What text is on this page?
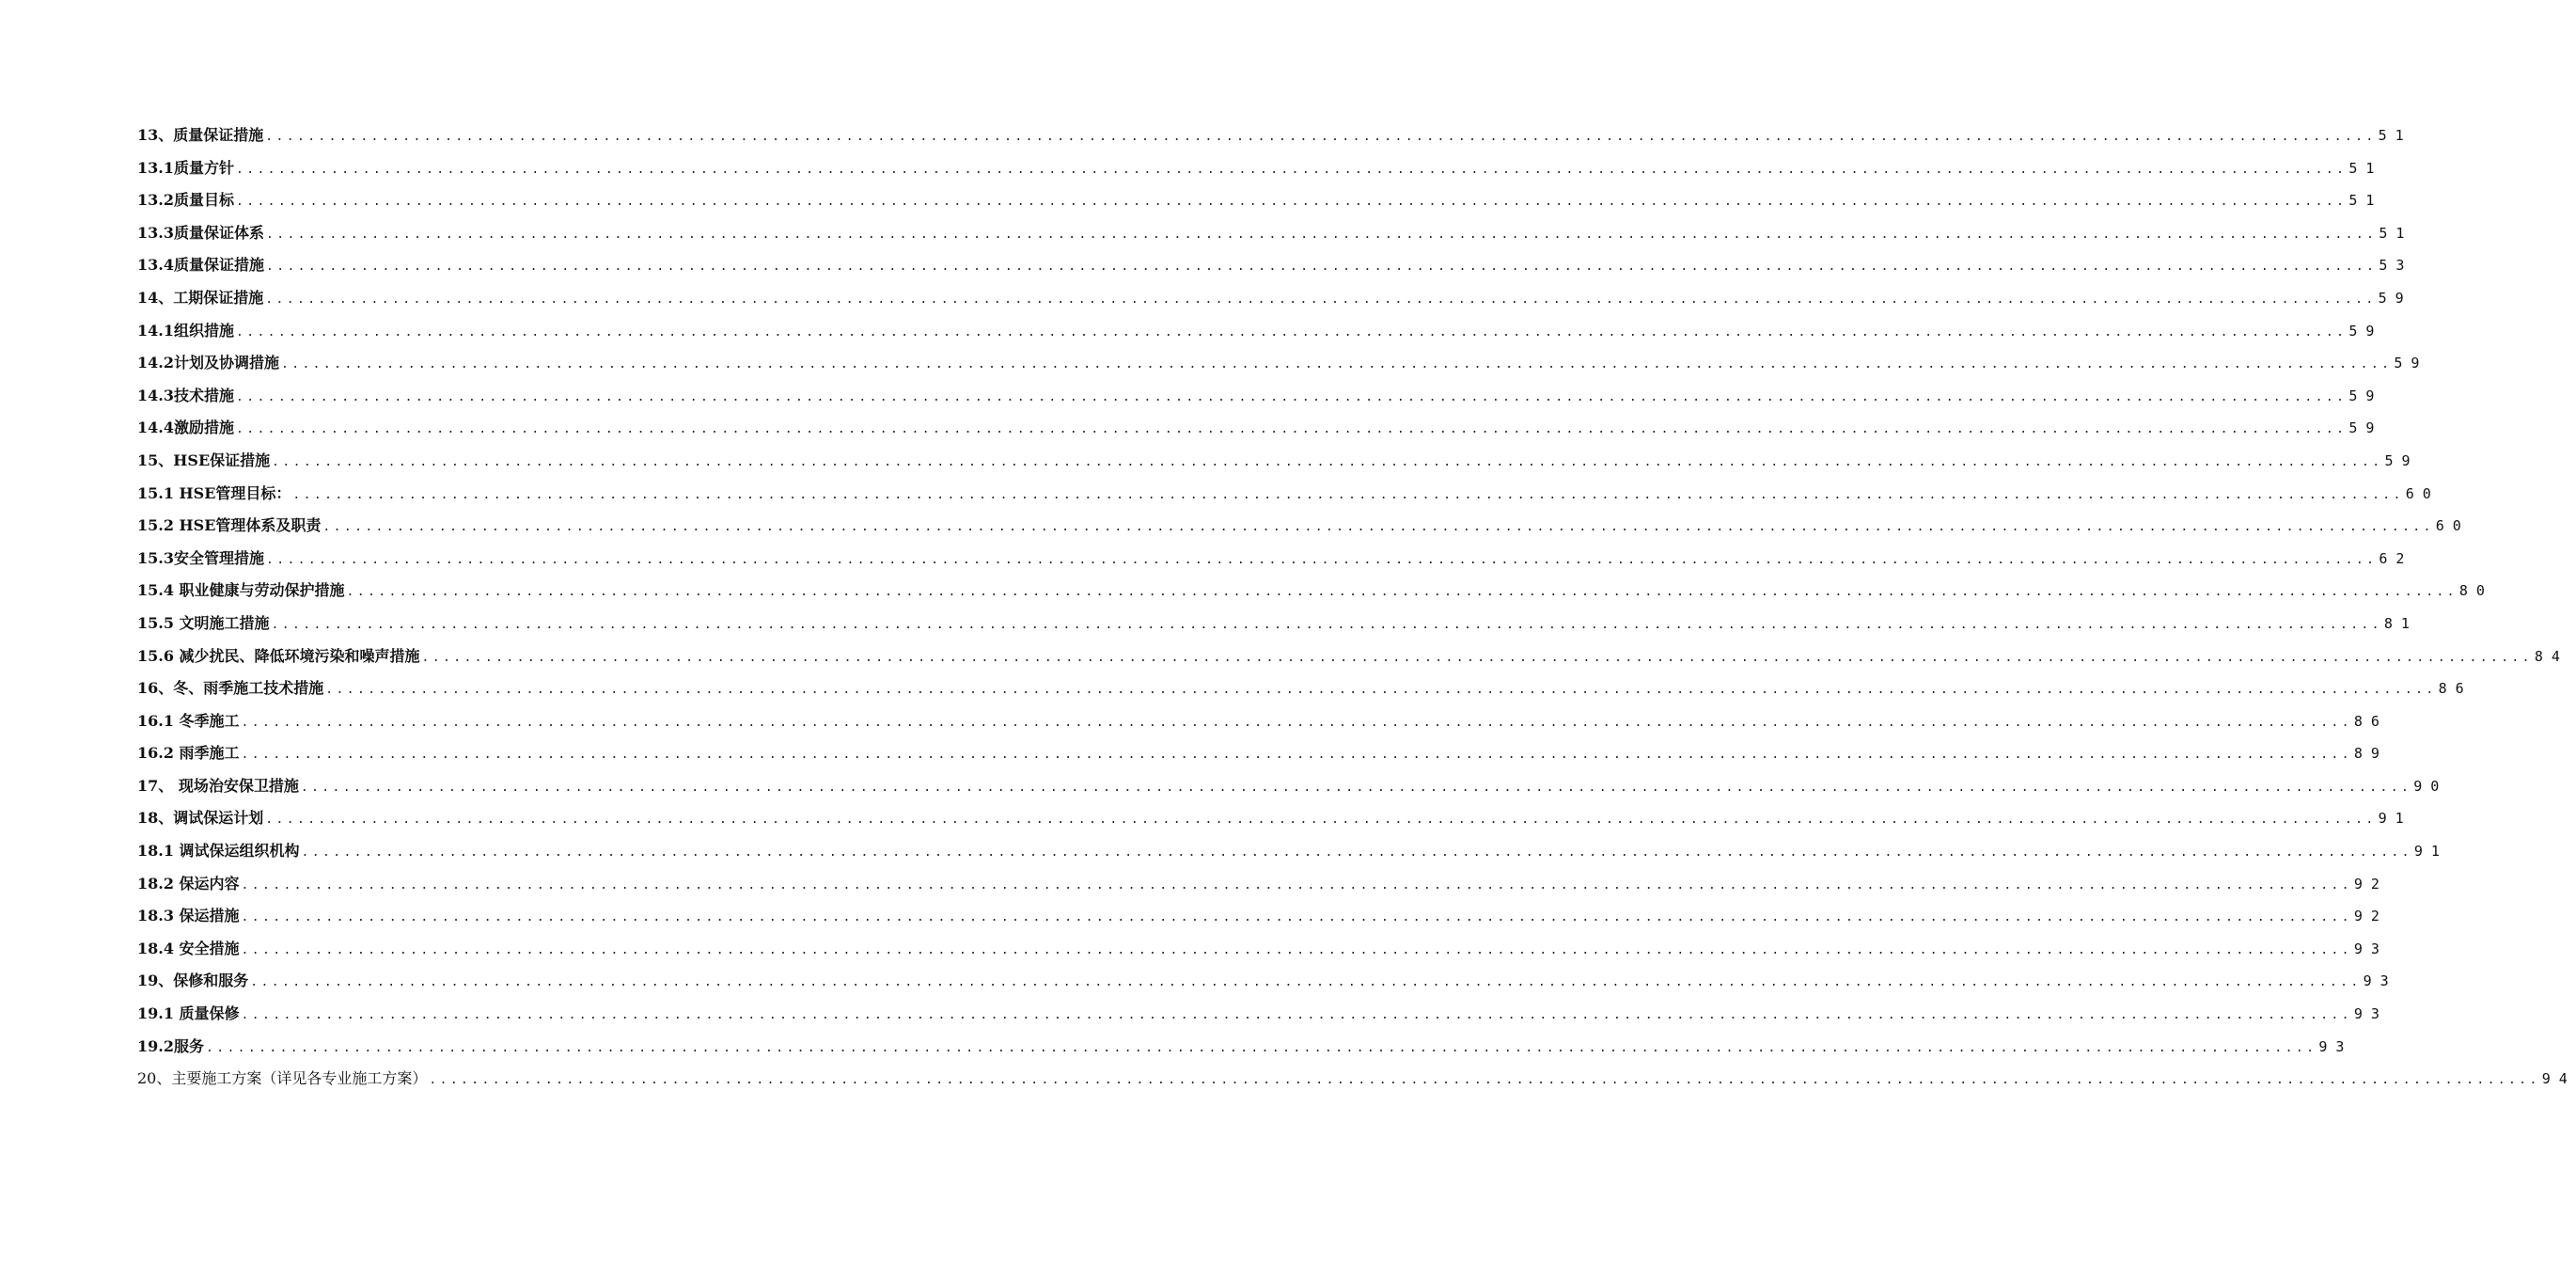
13、质量保证措施 ........................................................................................................................................................................................................ 51
13.1质量方针 ........................................................................................................................................................................................................ 51
13.2质量目标 ........................................................................................................................................................................................................ 51
13.3质量保证体系 ........................................................................................................................................................................................................ 51
13.4质量保证措施 ........................................................................................................................................................................................................ 53
14、工期保证措施 ........................................................................................................................................................................................................ 59
14.1组织措施 ........................................................................................................................................................................................................ 59
14.2计划及协调措施 ........................................................................................................................................................................................................ 59
14.3技术措施 ........................................................................................................................................................................................................ 59
14.4激励措施 ........................................................................................................................................................................................................ 59
15、HSE保证措施 ........................................................................................................................................................................................................ 59
15.1 HSE管理目标： ........................................................................................................................................................................................................ 60
15.2 HSE管理体系及职责 ........................................................................................................................................................................................................ 60
15.3安全管理措施 ........................................................................................................................................................................................................ 62
15.4 职业健康与劳动保护措施 ........................................................................................................................................................................................................ 80
15.5 文明施工措施 ........................................................................................................................................................................................................ 81
15.6 减少扰民、降低环境污染和噪声措施 ........................................................................................................................................................................................................ 84
16、冬、雨季施工技术措施 ........................................................................................................................................................................................................ 86
16.1 冬季施工 ........................................................................................................................................................................................................ 86
16.2 雨季施工 ........................................................................................................................................................................................................ 89
17、 现场治安保卫措施 ........................................................................................................................................................................................................ 90
18、调试保运计划 ........................................................................................................................................................................................................ 91
18.1 调试保运组织机构 ........................................................................................................................................................................................................ 91
18.2 保运内容 ........................................................................................................................................................................................................ 92
18.3 保运措施 ........................................................................................................................................................................................................ 92
18.4 安全措施 ........................................................................................................................................................................................................ 93
19、保修和服务 ........................................................................................................................................................................................................ 93
19.1 质量保修 ........................................................................................................................................................................................................ 93
19.2服务 ........................................................................................................................................................................................................ 93
20、主要施工方案（详见各专业施工方案） ........................................................................................................................................................................................................ 94
